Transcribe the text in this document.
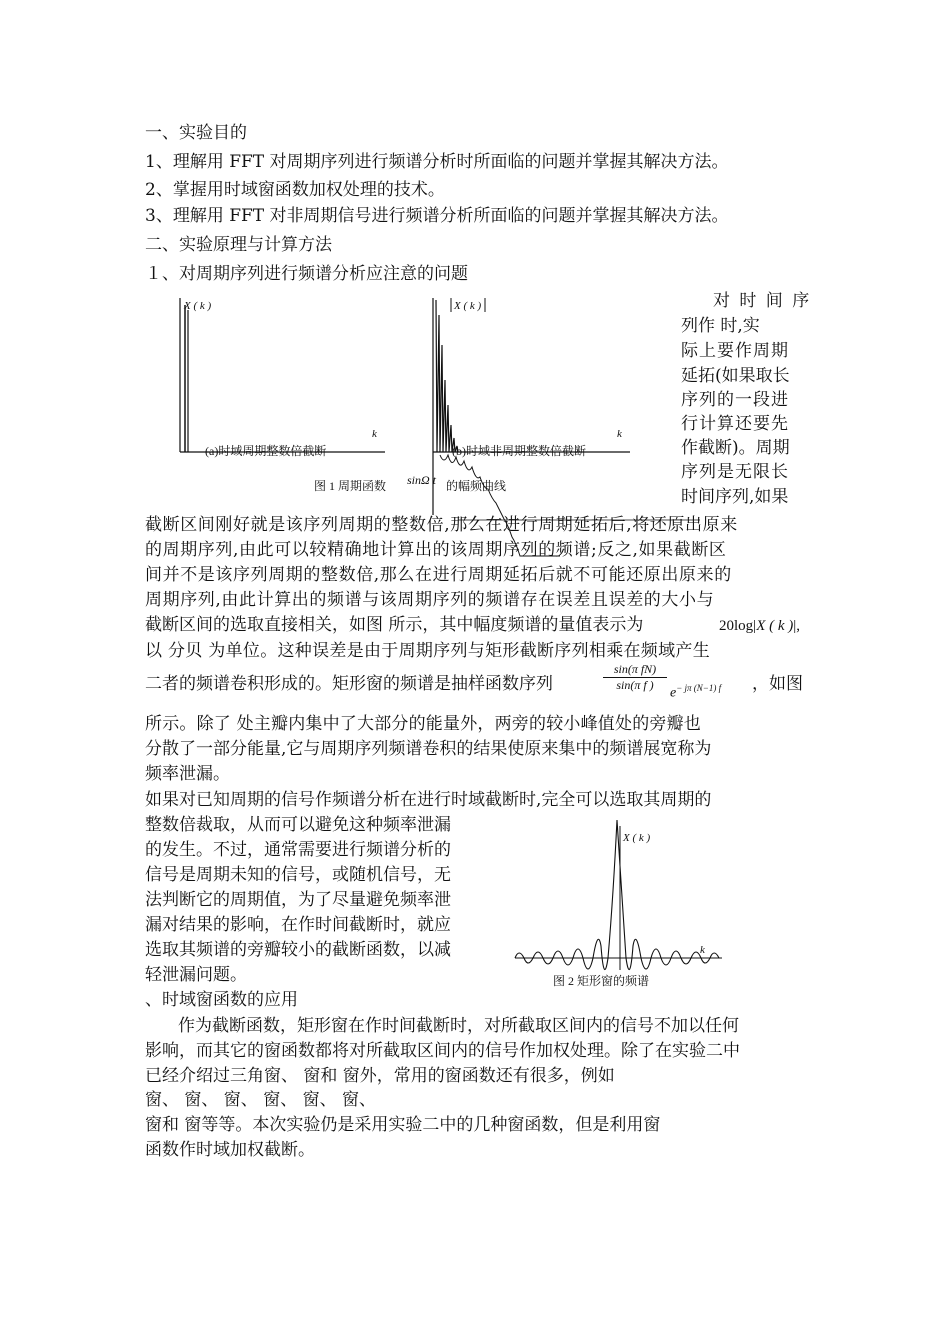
一、实验目的
1、理解用 FFT 对周期序列进行频谱分析时所面临的问题并掌握其解决方法。
2、掌握用时域窗函数加权处理的技术。
3、理解用 FFT 对非周期信号进行频谱分析所面临的问题并掌握其解决方法。
二、实验原理与计算方法
１、对周期序列进行频谱分析应注意的问题
X ( k )	X ( k )
k	k
(a)时域周期整数倍截断	(b)时域非周期整数倍截断
图 1 周期函数 sinΩ t 的幅频曲线
对 时 间 序
列作 时,实
际上要作周期
延拓(如果取长
序列的一段进
行计算还要先
作截断)。周期
序列是无限长
时间序列,如果
截断区间刚好就是该序列周期的整数倍,那么在进行周期延拓后,将还原出原来
的周期序列,由此可以较精确地计算出的该周期序列的频谱;反之,如果截断区
间并不是该序列周期的整数倍,那么在进行周期延拓后就不可能还原出原来的
周期序列,由此计算出的频谱与该周期序列的频谱存在误差且误差的大小与
截断区间的选取直接相关，如图 所示，其中幅度频谱的量值表示为	20log|X ( k )|,
以 分贝 为单位。这种误差是由于周期序列与矩形截断序列相乘在频域产生
二者的频谱卷积形成的。矩形窗的频谱是抽样函数序列	$\frac{\text{sin(π fN)}}{\text{sin(π f )}}$
$e^{- j\pi (N-1) f}$ ，如图
所示。除了 处主瓣内集中了大部分的能量外，两旁的较小峰值处的旁瓣也
分散了一部分能量,它与周期序列频谱卷积的结果使原来集中的频谱展宽称为
频率泄漏。
如果对已知周期的信号作频谱分析在进行时域截断时,完全可以选取其周期的
整数倍裁取，从而可以避免这种频率泄漏
的发生。不过，通常需要进行频谱分析的
信号是周期未知的信号，或随机信号，无
法判断它的周期值，为了尽量避免频率泄
漏对结果的影响，在作时间截断时，就应
选取其频谱的旁瓣较小的截断函数，以减
轻泄漏问题。
X ( k )
k
图 2 矩形窗的频谱
、时域窗函数的应用
作为截断函数，矩形窗在作时间截断时，对所截取区间内的信号不加以任何
影响，而其它的窗函数都将对所截取区间内的信号作加权处理。除了在实验二中
已经介绍过三角窗、 窗和 窗外，常用的窗函数还有很多，例如
窗、 窗、 窗、 窗、 窗、 窗、
窗和 窗等等。本次实验仍是采用实验二中的几种窗函数，但是利用窗
函数作时域加权截断。
